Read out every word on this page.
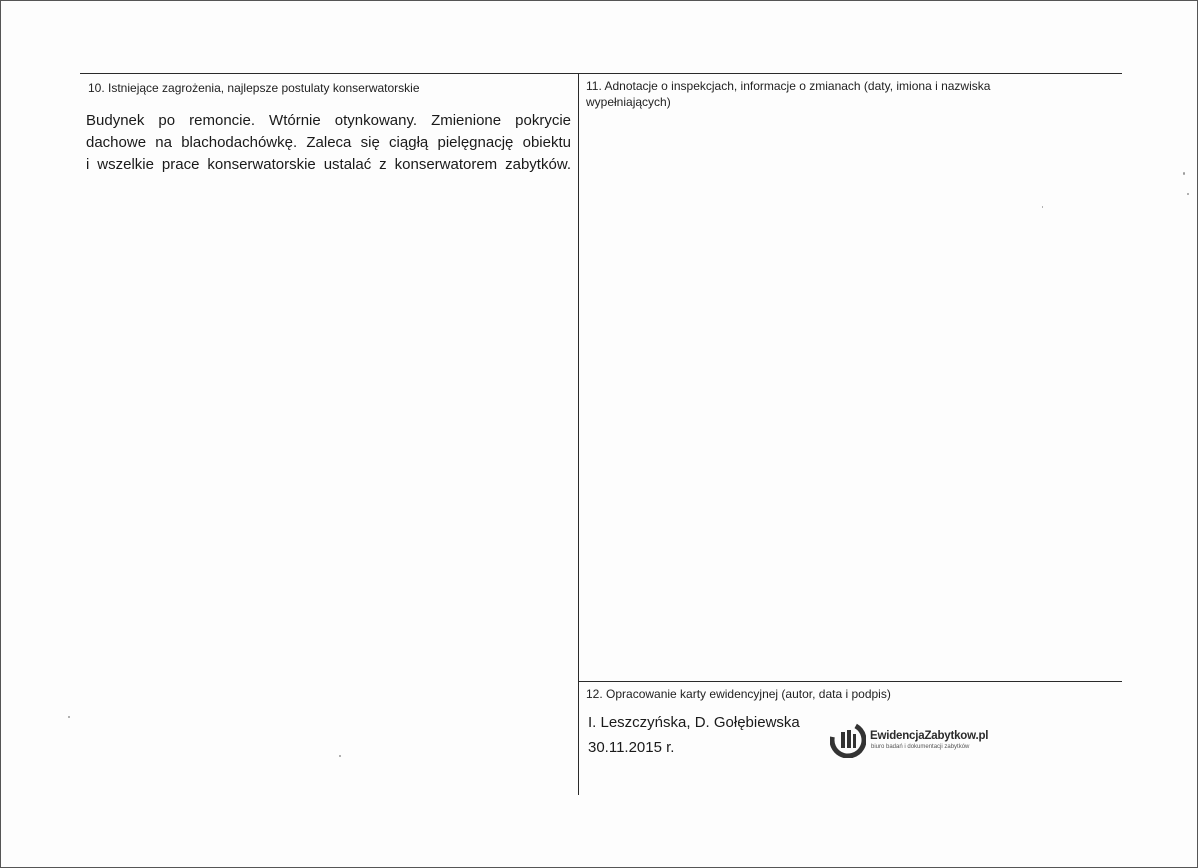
10. Istniejące zagrożenia, najlepsze postulaty konserwatorskie
Budynek po remoncie. Wtórnie otynkowany. Zmienione pokrycie
dachowe na blachodachówkę. Zaleca się ciągłą pielęgnację obiektu
i wszelkie prace konserwatorskie ustalać z konserwatorem zabytków.
11. Adnotacje o inspekcjach, informacje o zmianach (daty, imiona i nazwiska
wypełniających)
12. Opracowanie karty ewidencyjnej (autor, data i podpis)
I. Leszczyńska, D. Gołębiewska
30.11.2015 r.
EwidencjaZabytkow.pl
biuro badań i dokumentacji zabytków
